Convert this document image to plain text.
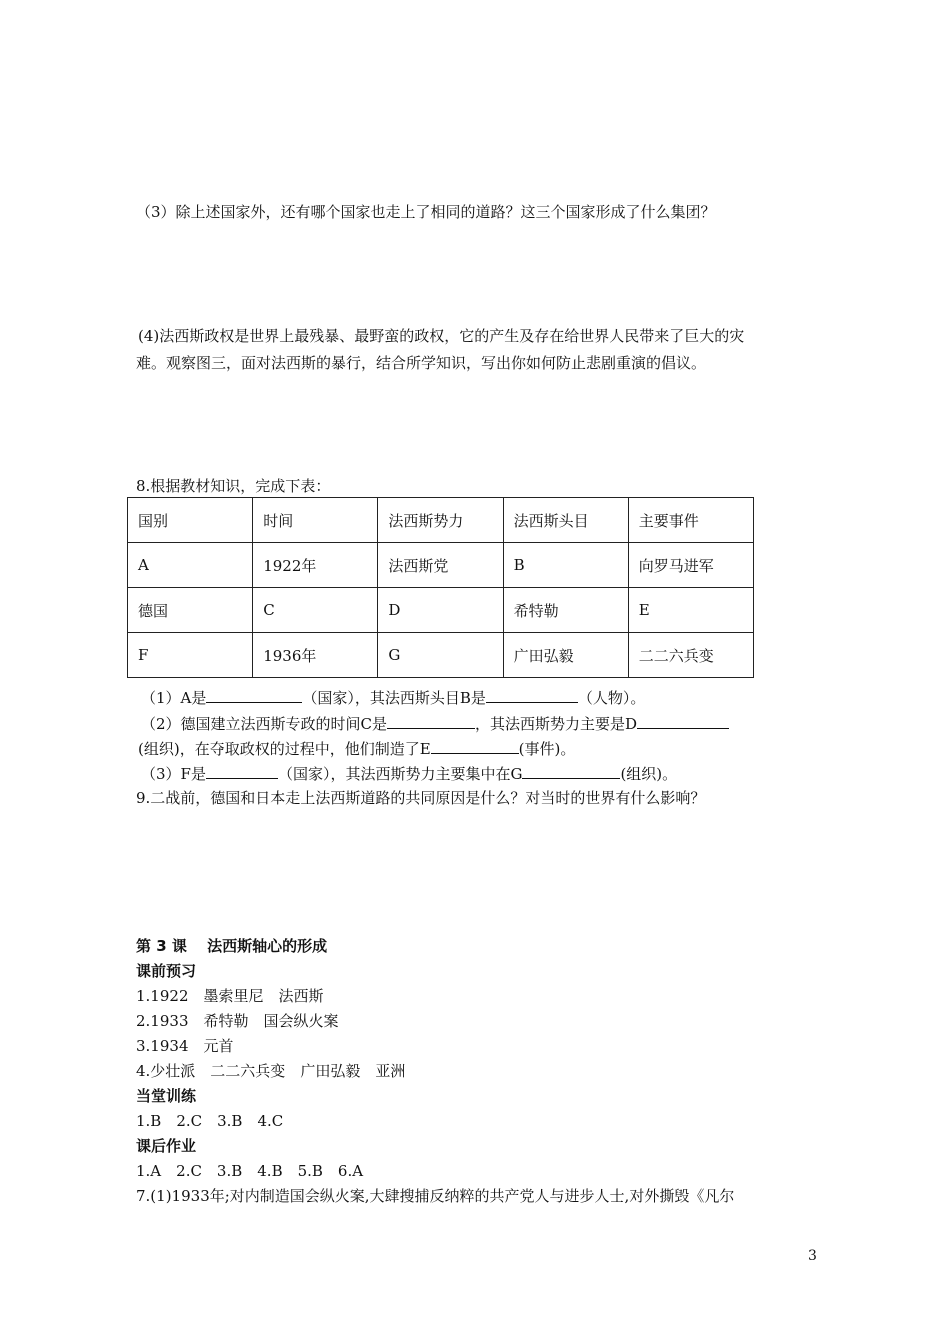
（3）除上述国家外，还有哪个国家也走上了相同的道路？这三个国家形成了什么集团？
(4)法西斯政权是世界上最残暴、最野蛮的政权，它的产生及存在给世界人民带来了巨大的灾
难。观察图三，面对法西斯的暴行，结合所学知识，写出你如何防止悲剧重演的倡议。
8.根据教材知识，完成下表：
国别	时间	法西斯势力	法西斯头目	主要事件
A	1922年	法西斯党	B	向罗马进军
德国	C	D	希特勒	E
F	1936年	G	广田弘毅	二二六兵变
（1）A是	（国家），其法西斯头目B是	（人物）。
（2）德国建立法西斯专政的时间C是	，其法西斯势力主要是D
(组织)，在夺取政权的过程中，他们制造了E	(事件)。
（3）F是	（国家），其法西斯势力主要集中在G	(组织)。
9.二战前，德国和日本走上法西斯道路的共同原因是什么？对当时的世界有什么影响？
第 3 课　 法西斯轴心的形成
课前预习
1.1922　墨索里尼　法西斯
2.1933　希特勒　国会纵火案
3.1934　元首
4.少壮派　二二六兵变　广田弘毅　亚洲
当堂训练
1.B　2.C　3.B　4.C
课后作业
1.A　2.C　3.B　4.B　5.B　6.A
7.(1)1933年;对内制造国会纵火案,大肆搜捕反纳粹的共产党人与进步人士,对外撕毁《凡尔
3
